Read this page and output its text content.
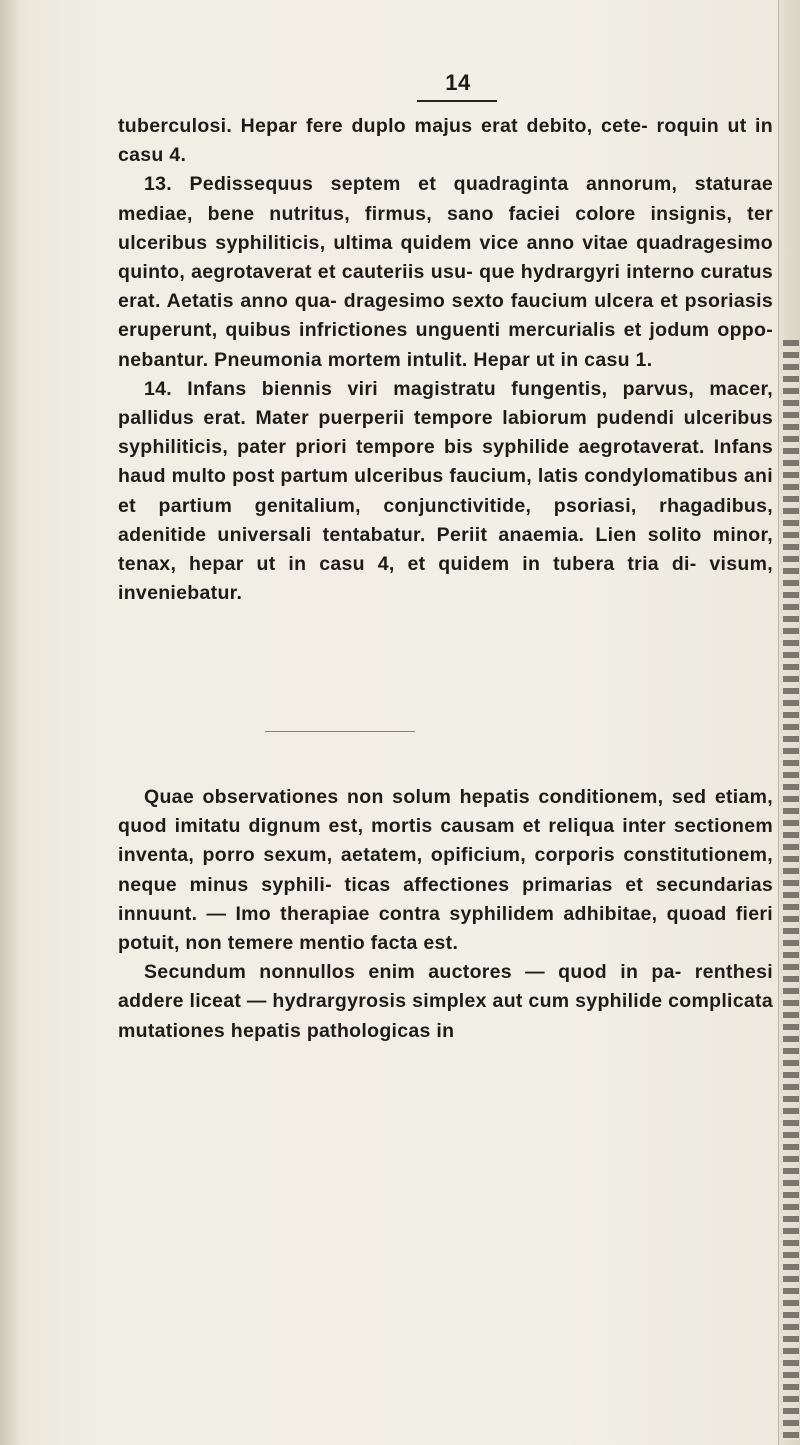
14

tuberculosi. Hepar fere duplo majus erat debito, cete- roquin ut in casu 4.

13. Pedissequus septem et quadraginta annorum, staturae mediae, bene nutritus, firmus, sano faciei colore insignis, ter ulceribus syphiliticis, ultima quidem vice anno vitae quadragesimo quinto, aegrotaverat et cauteriis usu- que hydrargyri interno curatus erat. Aetatis anno qua- dragesimo sexto faucium ulcera et psoriasis eruperunt, quibus infrictiones unguenti mercurialis et jodum oppo- nebantur. Pneumonia mortem intulit. Hepar ut in casu 1.

14. Infans biennis viri magistratu fungentis, parvus, macer, pallidus erat. Mater puerperii tempore labiorum pudendi ulceribus syphiliticis, pater priori tempore bis syphilide aegrotaverat. Infans haud multo post partum ulceribus faucium, latis condylomatibus ani et partium genitalium, conjunctivitide, psoriasi, rhagadibus, adenitide universali tentabatur. Periit anaemia. Lien solito minor, tenax, hepar ut in casu 4, et quidem in tubera tria di- visum, inveniebatur.

Quae observationes non solum hepatis conditionem, sed etiam, quod imitatu dignum est, mortis causam et reliqua inter sectionem inventa, porro sexum, aetatem, opificium, corporis constitutionem, neque minus syphili- ticas affectiones primarias et secundarias innuunt. — Imo therapiae contra syphilidem adhibitae, quoad fieri potuit, non temere mentio facta est.

Secundum nonnullos enim auctores — quod in pa- renthesi addere liceat — hydrargyrosis simplex aut cum syphilide complicata mutationes hepatis pathologicas in
